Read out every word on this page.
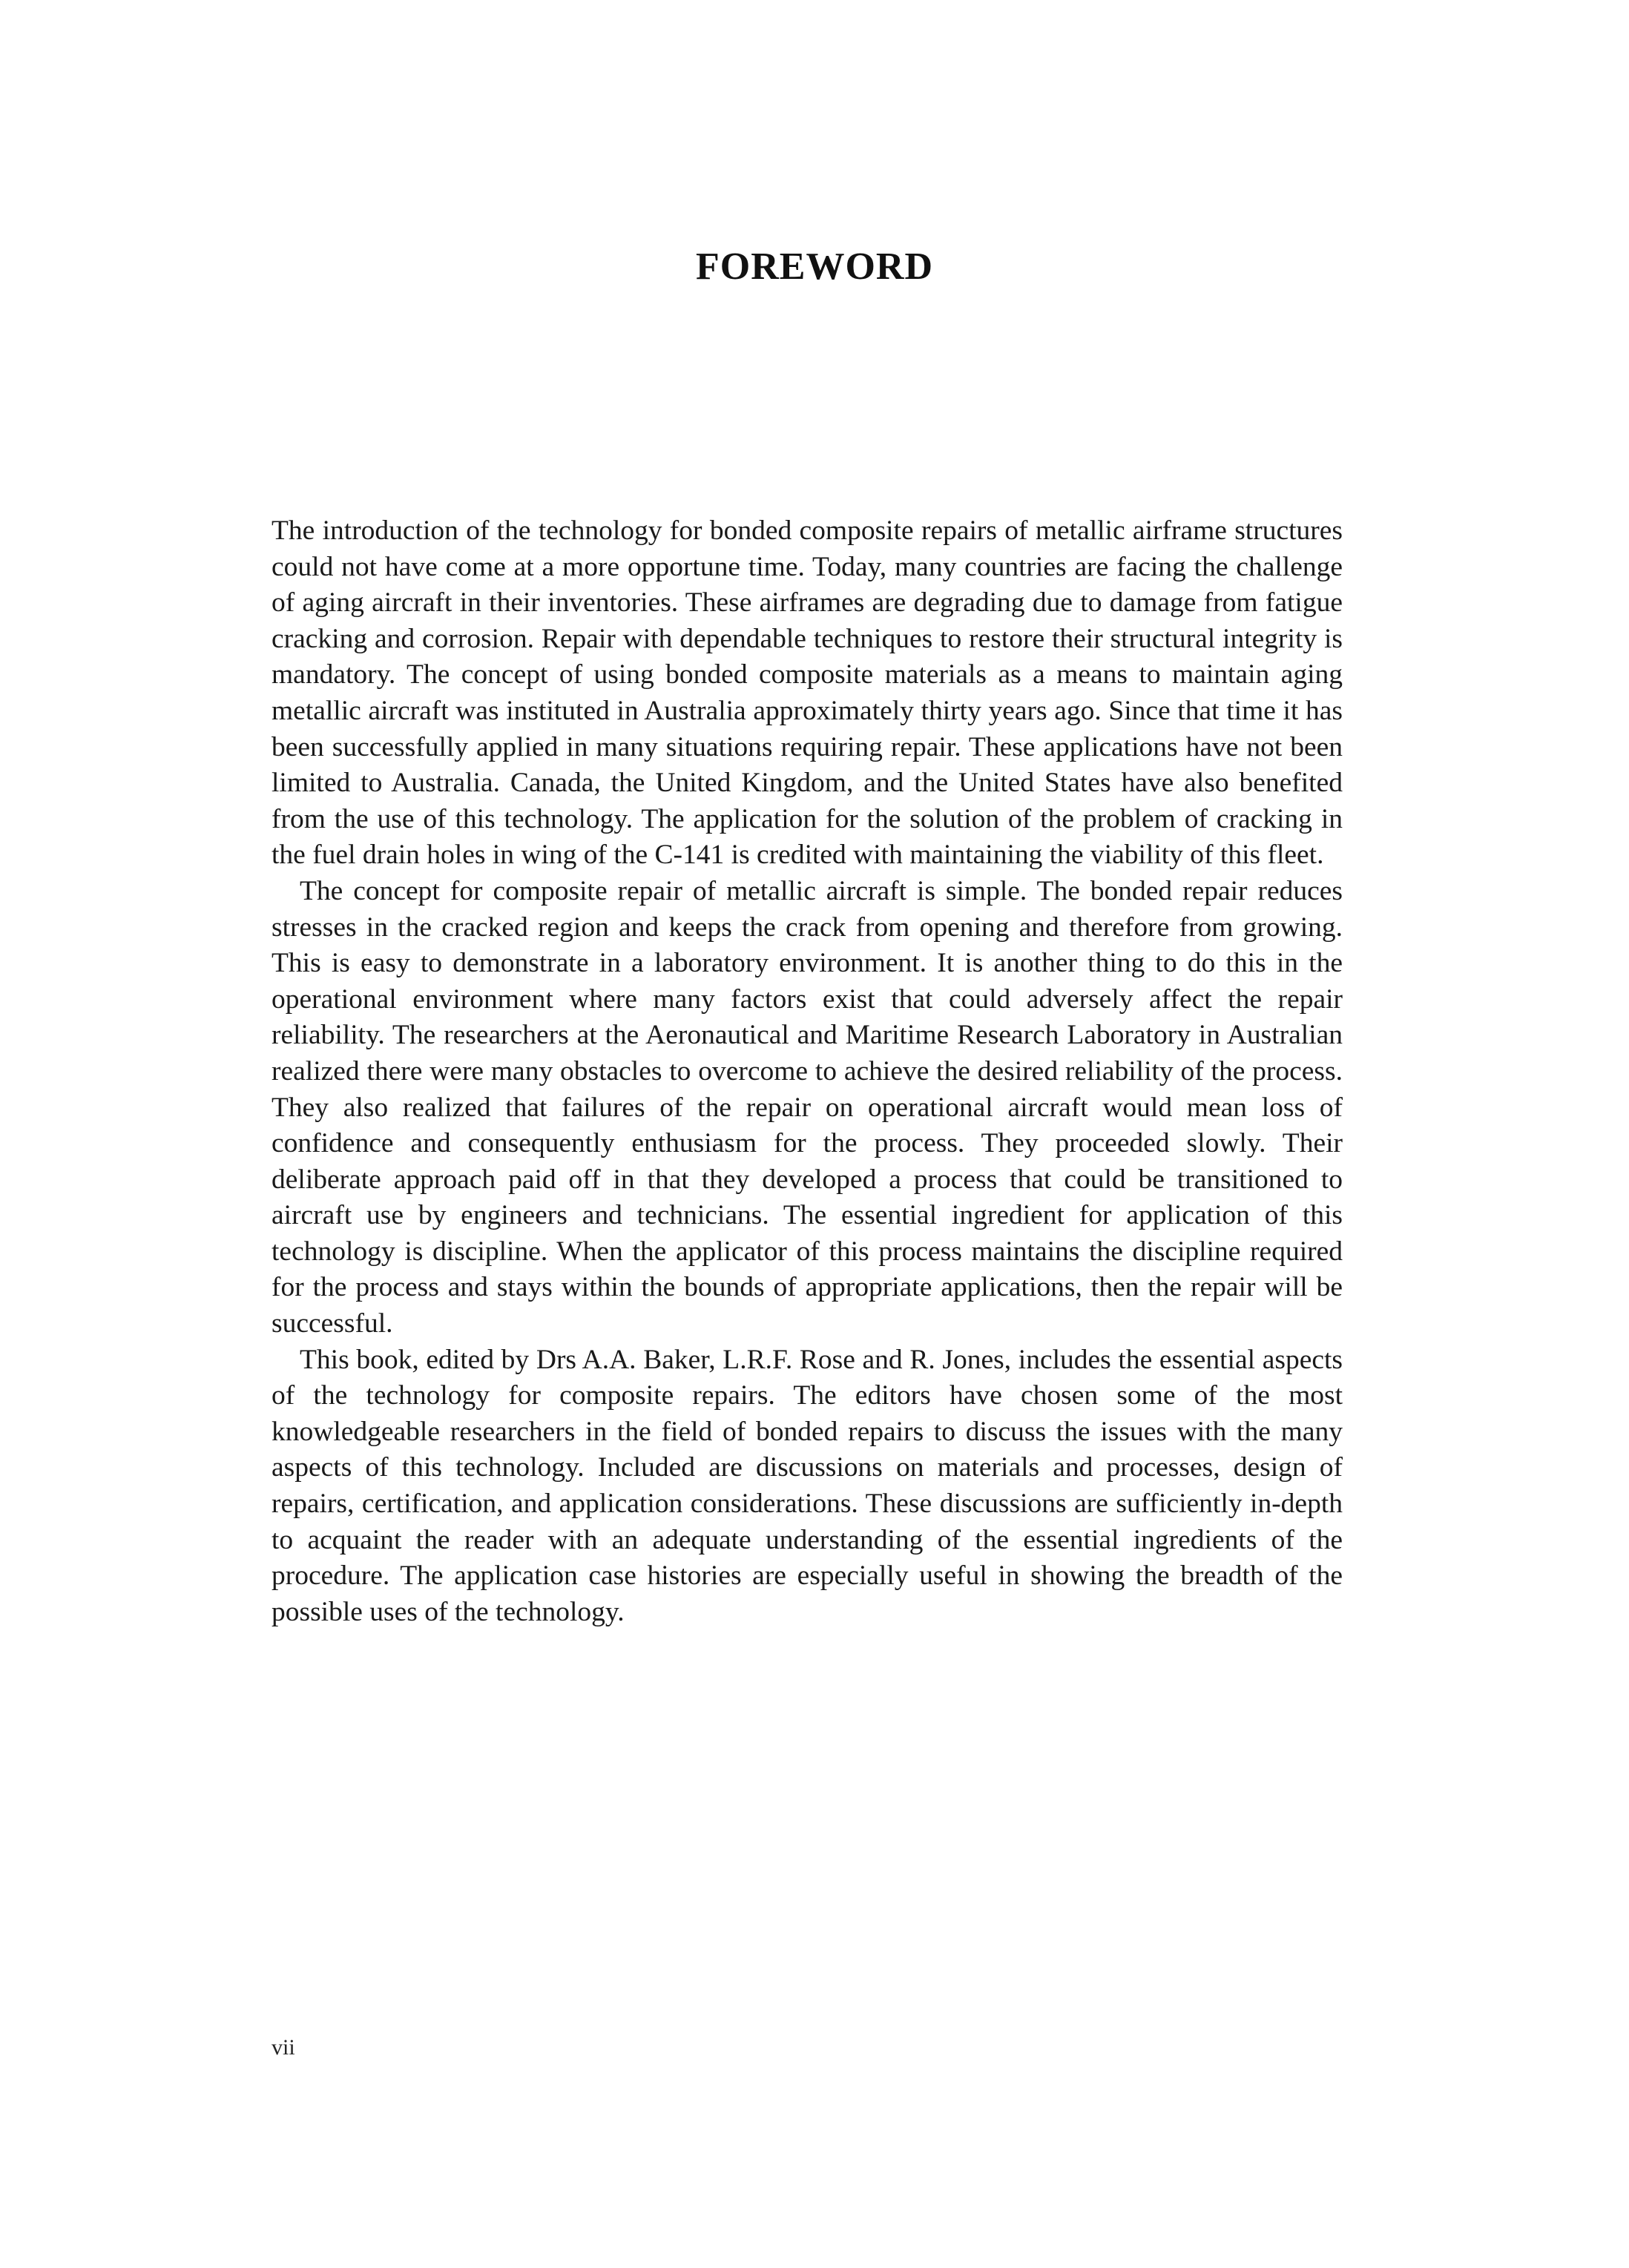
FOREWORD

The introduction of the technology for bonded composite repairs of metallic airframe structures could not have come at a more opportune time. Today, many countries are facing the challenge of aging aircraft in their inventories. These airframes are degrading due to damage from fatigue cracking and corrosion. Repair with dependable techniques to restore their structural integrity is mandatory. The concept of using bonded composite materials as a means to maintain aging metallic aircraft was instituted in Australia approximately thirty years ago. Since that time it has been successfully applied in many situations requiring repair. These applications have not been limited to Australia. Canada, the United Kingdom, and the United States have also benefited from the use of this technology. The application for the solution of the problem of cracking in the fuel drain holes in wing of the C-141 is credited with maintaining the viability of this fleet.

The concept for composite repair of metallic aircraft is simple. The bonded repair reduces stresses in the cracked region and keeps the crack from opening and therefore from growing. This is easy to demonstrate in a laboratory environment. It is another thing to do this in the operational environment where many factors exist that could adversely affect the repair reliability. The researchers at the Aeronautical and Maritime Research Laboratory in Australian realized there were many obstacles to overcome to achieve the desired reliability of the process. They also realized that failures of the repair on operational aircraft would mean loss of confidence and consequently enthusiasm for the process. They proceeded slowly. Their deliberate approach paid off in that they developed a process that could be transitioned to aircraft use by engineers and technicians. The essential ingredient for application of this technology is discipline. When the applicator of this process maintains the discipline required for the process and stays within the bounds of appropriate applications, then the repair will be successful.

This book, edited by Drs A.A. Baker, L.R.F. Rose and R. Jones, includes the essential aspects of the technology for composite repairs. The editors have chosen some of the most knowledgeable researchers in the field of bonded repairs to discuss the issues with the many aspects of this technology. Included are discussions on materials and processes, design of repairs, certification, and application considerations. These discussions are sufficiently in-depth to acquaint the reader with an adequate understanding of the essential ingredients of the procedure. The application case histories are especially useful in showing the breadth of the possible uses of the technology.

vii
